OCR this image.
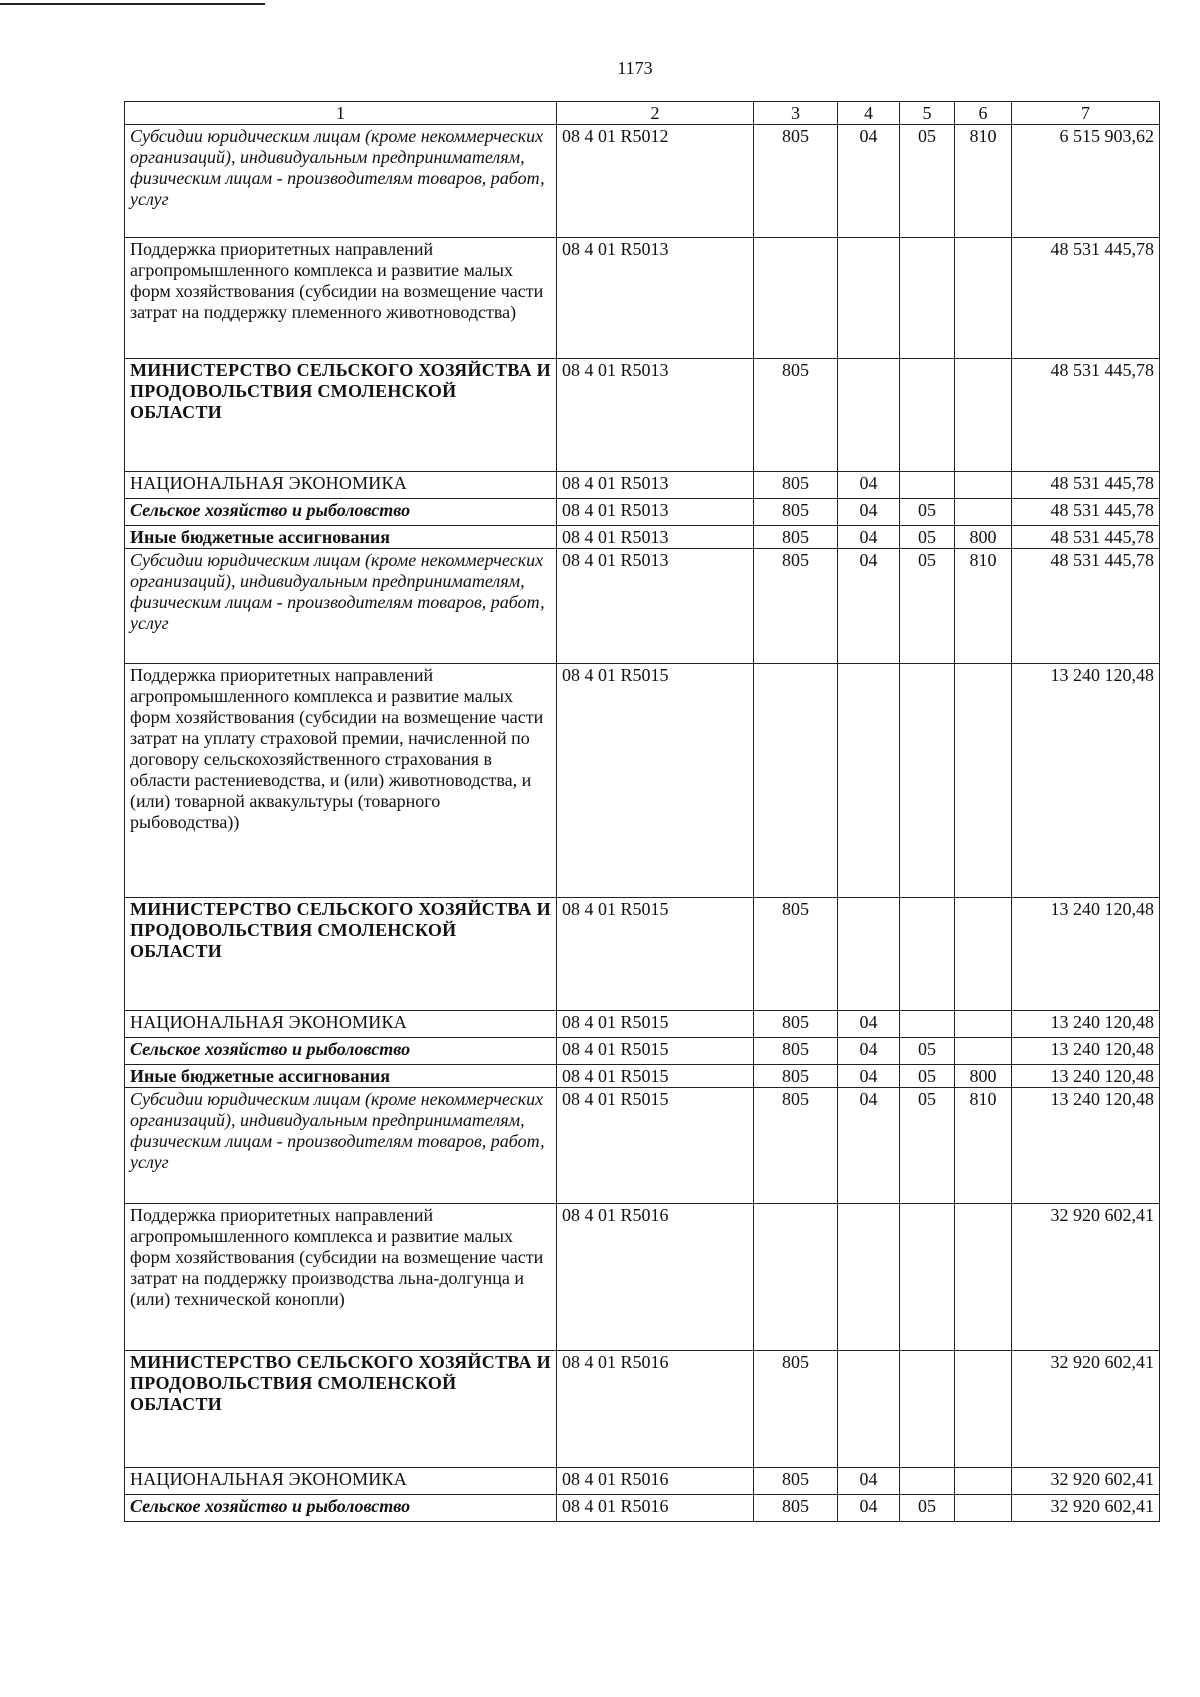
1173
1	2	3	4	5	6	7
Субсидии юридическим лицам (кроме некоммерческих организаций), индивидуальным предпринимателям, физическим лицам - производителям товаров, работ, услуг	08 4 01 R5012	805	04	05	810	6 515 903,62
Поддержка приоритетных направлений агропромышленного комплекса и развитие малых форм хозяйствования (субсидии на возмещение части затрат на поддержку племенного животноводства)	08 4 01 R5013					48 531 445,78
МИНИСТЕРСТВО СЕЛЬСКОГО ХОЗЯЙСТВА И ПРОДОВОЛЬСТВИЯ СМОЛЕНСКОЙ ОБЛАСТИ	08 4 01 R5013	805				48 531 445,78
НАЦИОНАЛЬНАЯ ЭКОНОМИКА	08 4 01 R5013	805	04			48 531 445,78
Сельское хозяйство и рыболовство	08 4 01 R5013	805	04	05		48 531 445,78
Иные бюджетные ассигнования	08 4 01 R5013	805	04	05	800	48 531 445,78
Субсидии юридическим лицам (кроме некоммерческих организаций), индивидуальным предпринимателям, физическим лицам - производителям товаров, работ, услуг	08 4 01 R5013	805	04	05	810	48 531 445,78
Поддержка приоритетных направлений агропромышленного комплекса и развитие малых форм хозяйствования (субсидии на возмещение части затрат на уплату страховой премии, начисленной по договору сельскохозяйственного страхования в области растениеводства, и (или) животноводства, и (или) товарной аквакультуры (товарного рыбоводства))	08 4 01 R5015					13 240 120,48
МИНИСТЕРСТВО СЕЛЬСКОГО ХОЗЯЙСТВА И ПРОДОВОЛЬСТВИЯ СМОЛЕНСКОЙ ОБЛАСТИ	08 4 01 R5015	805				13 240 120,48
НАЦИОНАЛЬНАЯ ЭКОНОМИКА	08 4 01 R5015	805	04			13 240 120,48
Сельское хозяйство и рыболовство	08 4 01 R5015	805	04	05		13 240 120,48
Иные бюджетные ассигнования	08 4 01 R5015	805	04	05	800	13 240 120,48
Субсидии юридическим лицам (кроме некоммерческих организаций), индивидуальным предпринимателям, физическим лицам - производителям товаров, работ, услуг	08 4 01 R5015	805	04	05	810	13 240 120,48
Поддержка приоритетных направлений агропромышленного комплекса и развитие малых форм хозяйствования (субсидии на возмещение части затрат на поддержку производства льна-долгунца и (или) технической конопли)	08 4 01 R5016					32 920 602,41
МИНИСТЕРСТВО СЕЛЬСКОГО ХОЗЯЙСТВА И ПРОДОВОЛЬСТВИЯ СМОЛЕНСКОЙ ОБЛАСТИ	08 4 01 R5016	805				32 920 602,41
НАЦИОНАЛЬНАЯ ЭКОНОМИКА	08 4 01 R5016	805	04			32 920 602,41
Сельское хозяйство и рыболовство	08 4 01 R5016	805	04	05		32 920 602,41
